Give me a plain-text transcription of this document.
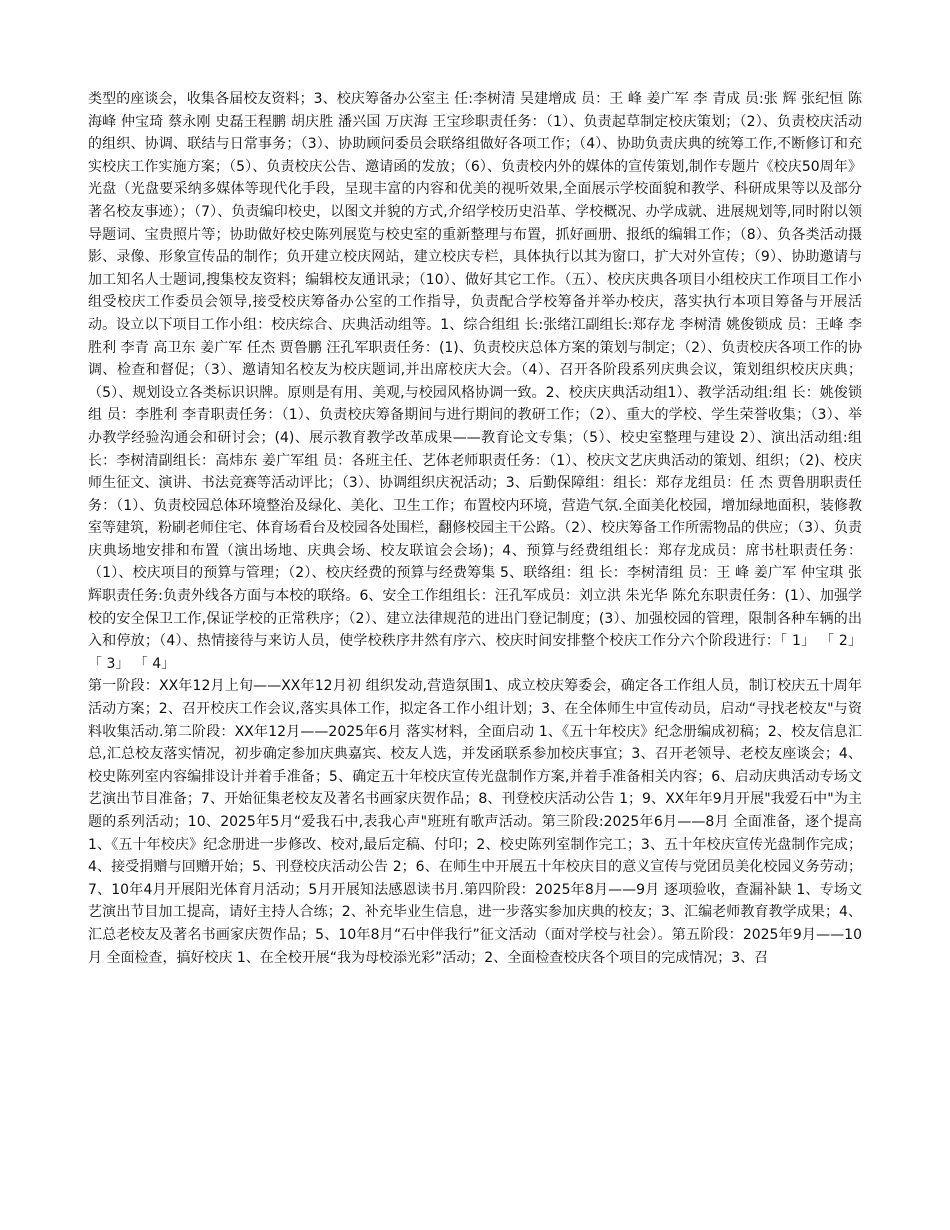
类型的座谈会，收集各届校友资料；3、校庆筹备办公室主 任:李树清 吴建增成 员：王 峰 姜广军 李 青成 员:张 辉 张纪恒 陈海峰 仲宝琦 蔡永刚 史磊王程鹏 胡庆胜 潘兴国 万庆海 王宝珍职责任务：（1）、负责起草制定校庆策划；（2）、负责校庆活动的组织、协调、联结与日常事务；（3）、协助顾问委员会联络组做好各项工作；（4）、协助负责庆典的统筹工作,不断修订和充实校庆工作实施方案；（5）、负责校庆公告、邀请函的发放；（6）、负责校内外的媒体的宣传策划,制作专题片《校庆50周年》光盘（光盘要采纳多媒体等现代化手段，呈现丰富的内容和优美的视听效果,全面展示学校面貌和教学、科研成果等以及部分著名校友事迹）；（7）、负责编印校史，以图文并貌的方式,介绍学校历史沿革、学校概况、办学成就、进展规划等,同时附以领导题词、宝贵照片等；协助做好校史陈列展览与校史室的重新整理与布置，抓好画册、报纸的编辑工作；（8）、负各类活动摄影、录像、形象宣传品的制作；负开建立校庆网站，建立校庆专栏，具体执行以其为窗口，扩大对外宣传；（9）、协助邀请与加工知名人士题词,搜集校友资料；编辑校友通讯录；（10）、做好其它工作。（五）、校庆庆典各项目小组校庆工作项目工作小组受校庆工作委员会领导,接受校庆筹备办公室的工作指导，负责配合学校筹备并举办校庆，落实执行本项目筹备与开展活动。设立以下项目工作小组：校庆综合、庆典活动组等。1、综合组组 长:张绪江副组长:郑存龙 李树清 姚俊锁成 员：王峰 李胜利 李青 高卫东 姜广军 任杰 贾鲁鹏 汪孔军职责任务：(1)、负责校庆总体方案的策划与制定；（2）、负责校庆各项工作的协调、检查和督促；（3）、邀请知名校友为校庆题词,并出席校庆大会。（4）、召开各阶段系列庆典会议，策划组织校庆庆典；（5）、规划设立各类标识识牌。原则是有用、美观,与校园风格协调一致。2、校庆庆典活动组1）、教学活动组:组 长：姚俊锁组 员：李胜利 李青职责任务：（1）、负责校庆筹备期间与进行期间的教研工作；（2）、重大的学校、学生荣誉收集；（3）、举办教学经验沟通会和研讨会；(4)、展示教育教学改革成果——教育论文专集；（5）、校史室整理与建设 2）、演出活动组:组 长：李树清副组长：高炜东 姜广军组 员：各班主任、艺体老师职责任务：（1）、校庆文艺庆典活动的策划、组织；（2)、校庆师生征文、演讲、书法竞赛等活动评比；（3）、协调组织庆祝活动；3、后勤保障组：组长：郑存龙组员：任 杰 贾鲁朋职责任务：（1）、负责校园总体环境整治及绿化、美化、卫生工作；布置校内环境，营造气氛.全面美化校园，增加绿地面积，装修教室等建筑，粉刷老师住宅、体育场看台及校园各处围栏，翻修校园主干公路。（2）、校庆筹备工作所需物品的供应；（3）、负责庆典场地安排和布置（演出场地、庆典会场、校友联谊会会场)；4、预算与经费组组长：郑存龙成员：席书杜职责任务：（1）、校庆项目的预算与管理；（2）、校庆经费的预算与经费筹集 5、联络组：组 长：李树清组 员：王 峰 姜广军 仲宝琪 张 辉职责任务:负责外线各方面与本校的联络。6、安全工作组组长：汪孔军成员：刘立洪 朱光华 陈允东职责任务：(1）、加强学校的安全保卫工作,保证学校的正常秩序；（2）、建立法律规范的进出门登记制度；(3）、加强校园的管理，限制各种车辆的出入和停放；（4）、热情接待与来访人员，使学校秩序井然有序六、校庆时间安排整个校庆工作分六个阶段进行：「 1」 「 2」 「 3」 「 4」

第一阶段：XX年12月上旬——XX年12月初 组织发动,营造氛围1、成立校庆筹委会，确定各工作组人员，制订校庆五十周年活动方案；2、召开校庆工作会议,落实具体工作，拟定各工作小组计划；3、在全体师生中宣传动员，启动“寻找老校友"与资料收集活动.第二阶段：XX年12月——2025年6月 落实材料，全面启动 1、《五十年校庆》纪念册编成初稿；2、校友信息汇总,汇总校友落实情况，初步确定参加庆典嘉宾、校友人选，并发函联系参加校庆事宜；3、召开老领导、老校友座谈会；4、校史陈列室内容编排设计并着手准备；5、确定五十年校庆宣传光盘制作方案,并着手准备相关内容；6、启动庆典活动专场文艺演出节目准备；7、开始征集老校友及著名书画家庆贺作品；8、刊登校庆活动公告 1；9、XX年年9月开展"我爱石中"为主题的系列活动；10、2025年5月“爱我石中,表我心声"班班有歌声活动。第三阶段:2025年6月——8月 全面准备，逐个提高 1、《五十年校庆》纪念册进一步修改、校对,最后定稿、付印；2、校史陈列室制作完工；3、五十年校庆宣传光盘制作完成；4、接受捐赠与回赠开始；5、刊登校庆活动公告 2；6、在师生中开展五十年校庆目的意义宣传与党团员美化校园义务劳动；7、10年4月开展阳光体育月活动；5月开展知法感恩读书月.第四阶段：2025年8月——9月 逐项验收，查漏补缺 1、专场文艺演出节目加工提高，请好主持人合练；2、补充毕业生信息，进一步落实参加庆典的校友；3、汇编老师教育教学成果；4、汇总老校友及著名书画家庆贺作品；5、10年8月“石中伴我行”征文活动（面对学校与社会）。第五阶段：2025年9月——10月 全面检查，搞好校庆 1、在全校开展“我为母校添光彩”活动；2、全面检查校庆各个项目的完成情况；3、召
